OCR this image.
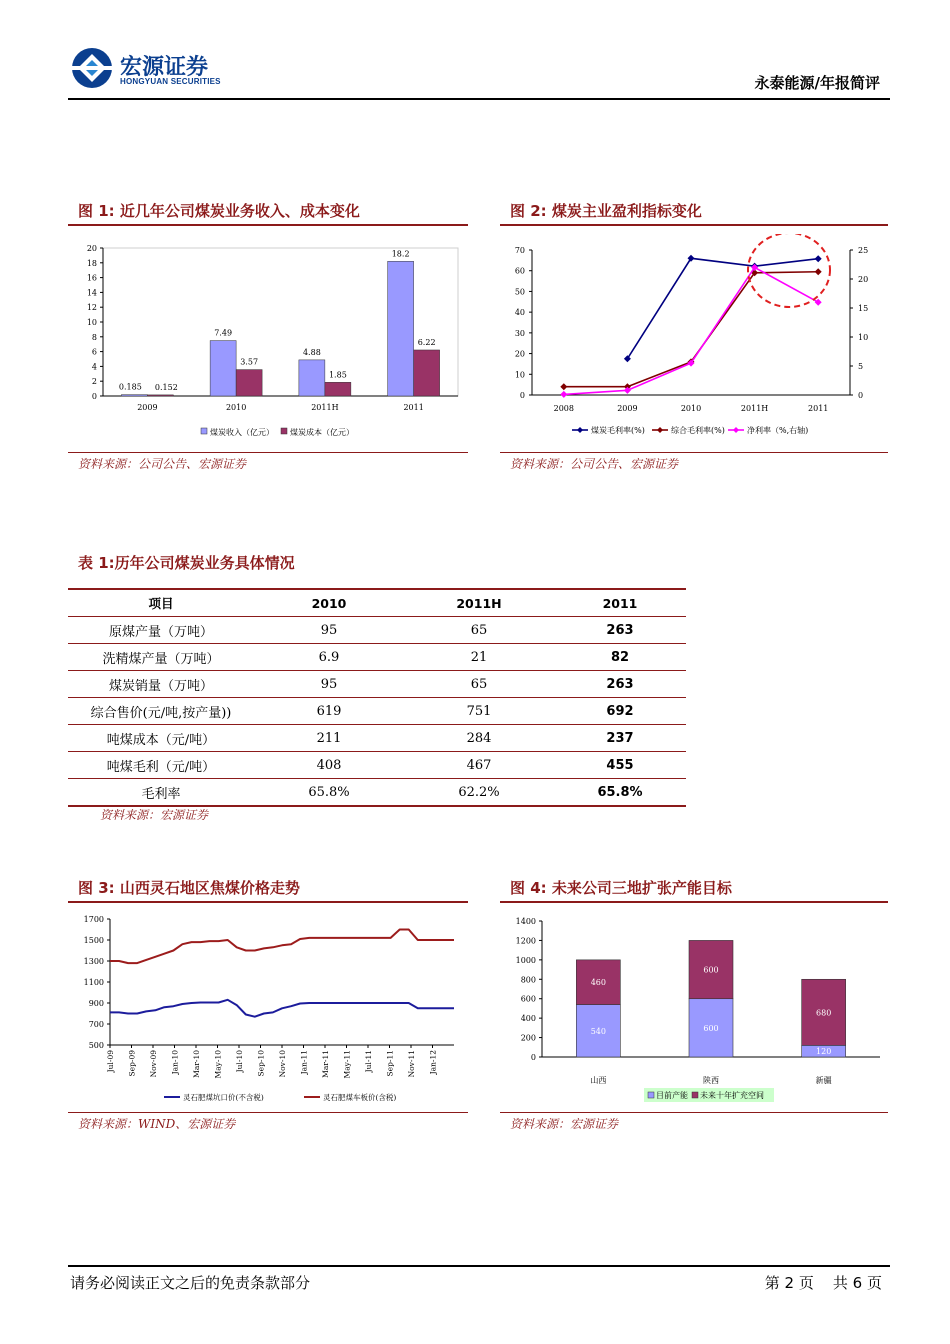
宏源证券
HONGYUAN SECURITIES	永泰能源/年报简评
图 1: 近几年公司煤炭业务收入、成本变化
0
2
4
6
8
10
12
14
16
18
20
2009
0.185 0.152
2010
7.49
3.57
2011H
4.88
1.85
2011
18.2
6.22
煤炭收入（亿元） 煤炭成本（亿元）
资料来源：公司公告、宏源证券
图 2: 煤炭主业盈利指标变化
0
10
20
30
40
50
60
70
0
5
10
15
20
25
2008	2009	2010	2011H	2011
煤炭毛利率(%)	综合毛利率(%)	净利率（%,右轴)
资料来源：公司公告、宏源证券
表 1:历年公司煤炭业务具体情况
项目	2010	2011H	2011
原煤产量（万吨）	95	65	263
洗精煤产量（万吨）	6.9	21	82
煤炭销量（万吨）	95	65	263
综合售价(元/吨,按产量))	619	751	692
吨煤成本（元/吨）	211	284	237
吨煤毛利（元/吨）	408	467	455
毛利率	65.8%	62.2%	65.8%
资料来源：宏源证券
图 3: 山西灵石地区焦煤价格走势
500
700
900
1100
1300
1500
1700
Jul-09 Sep-09 Nov-09 Jan-10 Mar-10 May-10 Jul-10 Sep-10 Nov-10 Jan-11 Mar-11 May-11 Jul-11 Sep-11 Nov-11 Jan-12
灵石肥煤坑口价(不含税)	灵石肥煤车板价(含税)
资料来源：WIND、宏源证券
图 4: 未来公司三地扩张产能目标
0
200
400
600
800
1000
1200
1400
山西
540
460
陕西
600
600
新疆
120
680
目前产能 未来十年扩充空间
资料来源：宏源证券
请务必阅读正文之后的免责条款部分	第 2 页    共 6 页
